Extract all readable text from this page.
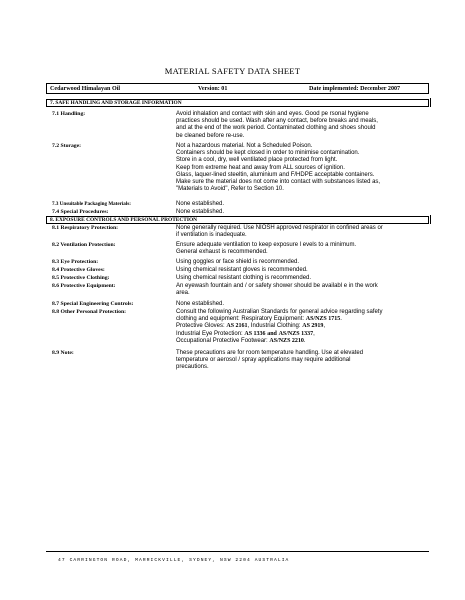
MATERIAL SAFETY DATA SHEET
Cedarwood Himalayan Oil	Version: 01	Date implemented: December 2007
7. SAFE HANDLING AND STORAGE INFORMATION
7.1 Handling:	Avoid inhalation and contact with skin and eyes. Good pe rsonal hygiene
practices should be used. Wash after any contact, before breaks and meals,
and at the end of the work period. Contaminated clothing and shoes should
be cleaned before re-use.
7.2 Storage:	Not a hazardous material. Not a Scheduled Poison.
Containers should be kept closed in order to minimise contamination.
Store in a cool, dry, well ventilated place protected from light.
Keep from extreme heat and away from ALL sources of ignition.
Glass, laquer-lined steeltin, aluminium and F/HDPE acceptable containers.
Make sure the material does not come into contact with substances listed as,
"Materials to Avoid", Refer to Section 10.
7.3 Unsuitable Packaging Materials:	None established.
7.4 Special Procedures:	None established.
8. EXPOSURE CONTROLS AND PERSONAL PROTECTION
8.1 Respiratory Protection:	None generally required. Use NIOSH approved respirator in confined areas or
if ventilation is inadequate.
8.2 Ventilation Protection:	Ensure adequate ventilation to keep exposure l evels to a minimum.
General exhaust is recommended.
8.3 Eye Protection:	Using goggles or face shield is recommended.
8.4 Protective Gloves:	Using chemical resistant gloves is recommended.
8.5 Protective Clothing:	Using chemical resistant clothing is recommended.
8.6 Protective Equipment:	An eyewash fountain and / or safety shower should be availabl e in the work
area.
8.7 Special Engineering Controls:	None established.
8.8 Other Personal Protection:	Consult the following Australian Standards for general advice regarding safety
clothing and equipment: Respiratory Equipment: AS/NZS 1715.
Protective Gloves: AS 2161, Industrial Clothing: AS 2919,
Industrial Eye Protection: AS 1336 and AS/NZS 1337,
Occupational Protective Footwear: AS/NZS 2210.
8.9 Note:	These precautions are for room temperature handling. Use at elevated
temperature or aerosol / spray applications may require additional
precautions.
47 CARRINGTON ROAD, MARRICKVILLE, SYDNEY, NSW 2204 AUSTRALIA
